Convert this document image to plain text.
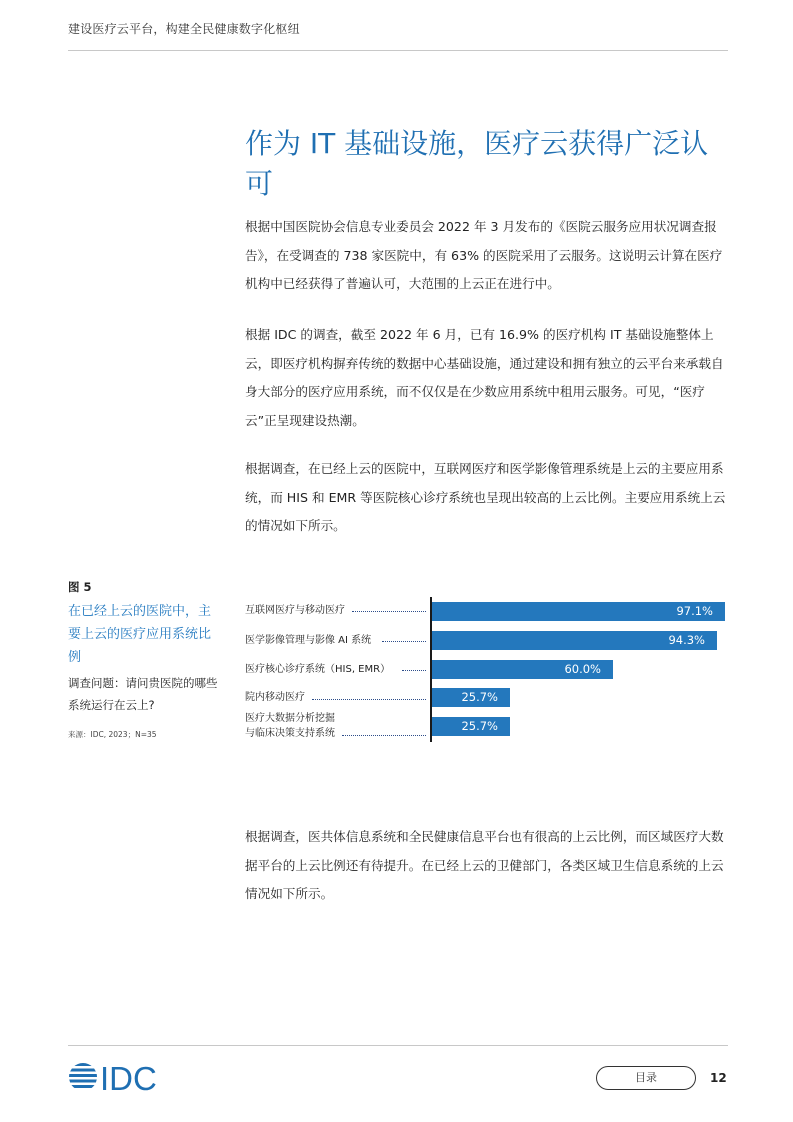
建设医疗云平台，构建全民健康数字化枢纽
作为 IT 基础设施，医疗云获得广泛认可

根据中国医院协会信息专业委员会 2022 年 3 月发布的《医院云服务应用状况调查报告》，在受调查的 738 家医院中，有 63% 的医院采用了云服务。这说明云计算在医疗机构中已经获得了普遍认可，大范围的上云正在进行中。

根据 IDC 的调查，截至 2022 年 6 月，已有 16.9% 的医疗机构 IT 基础设施整体上云，即医疗机构摒弃传统的数据中心基础设施，通过建设和拥有独立的云平台来承载自身大部分的医疗应用系统，而不仅仅是在少数应用系统中租用云服务。可见，“医疗云”正呈现建设热潮。

根据调查，在已经上云的医院中，互联网医疗和医学影像管理系统是上云的主要应用系统，而 HIS 和 EMR 等医院核心诊疗系统也呈现出较高的上云比例。主要应用系统上云的情况如下所示。

图 5
在已经上云的医院中，主要上云的医疗应用系统比例
调查问题：请问贵医院的哪些系统运行在云上?
来源：IDC, 2023；N=35
互联网医疗与移动医疗
医学影像管理与影像 AI 系统
医疗核心诊疗系统（HIS, EMR）
院内移动医疗
医疗大数据分析挖掘
与临床决策支持系统
97.1%
94.3%
60.0%
25.7%
25.7%

根据调查，医共体信息系统和全民健康信息平台也有很高的上云比例，而区域医疗大数据平台的上云比例还有待提升。在已经上云的卫健部门，各类区域卫生信息系统的上云情况如下所示。

IDC	目录	12
